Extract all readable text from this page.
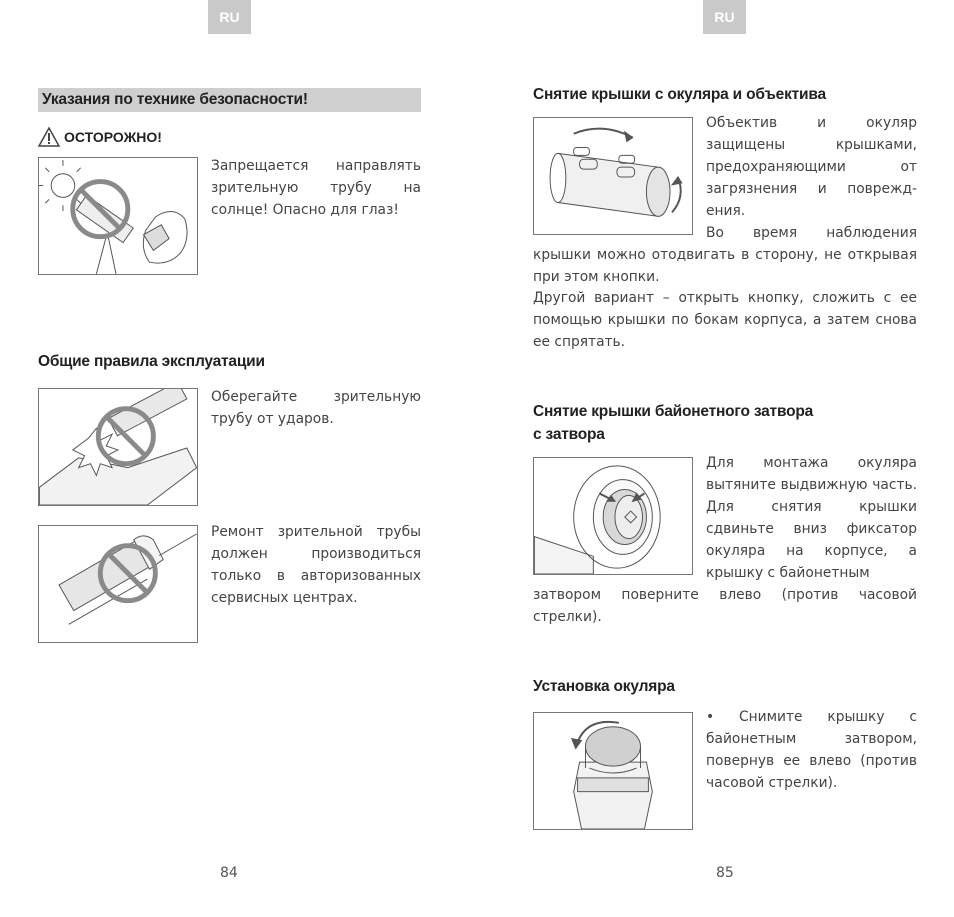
RU
Указания по технике безопасности!
ОСТОРОЖНО!
Запрещается направлять зрительную трубу на солнце! Опасно для глаз!
Общие правила эксплуатации
Оберегайте зрительную трубу от ударов.
Ремонт зрительной трубы должен производиться только в авторизованных сервисных центрах.
84
RU
Снятие крышки с окуляра и объектива
Объектив и окуляр защищены крышками, предохраняющими от загрязнения и поврежд-ения.
Во время наблюдения
крышки можно отодвигать в сторону, не открывая при этом кнопки.
Другой вариант – открыть кнопку, сложить с ее помощью крышки по бокам корпуса, а затем снова ее спрятать.
Снятие крышки байонетного затвора
с затвора
Для монтажа окуляра вытяните выдвижную часть. Для снятия крышки сдвиньте вниз фиксатор окуляра на корпусе, а крышку с байонетным
затвором поверните влево (против часовой стрелки).
Установка окуляра
• Снимите крышку с байонетным затвором, повернув ее влево (против часовой стрелки).
85
